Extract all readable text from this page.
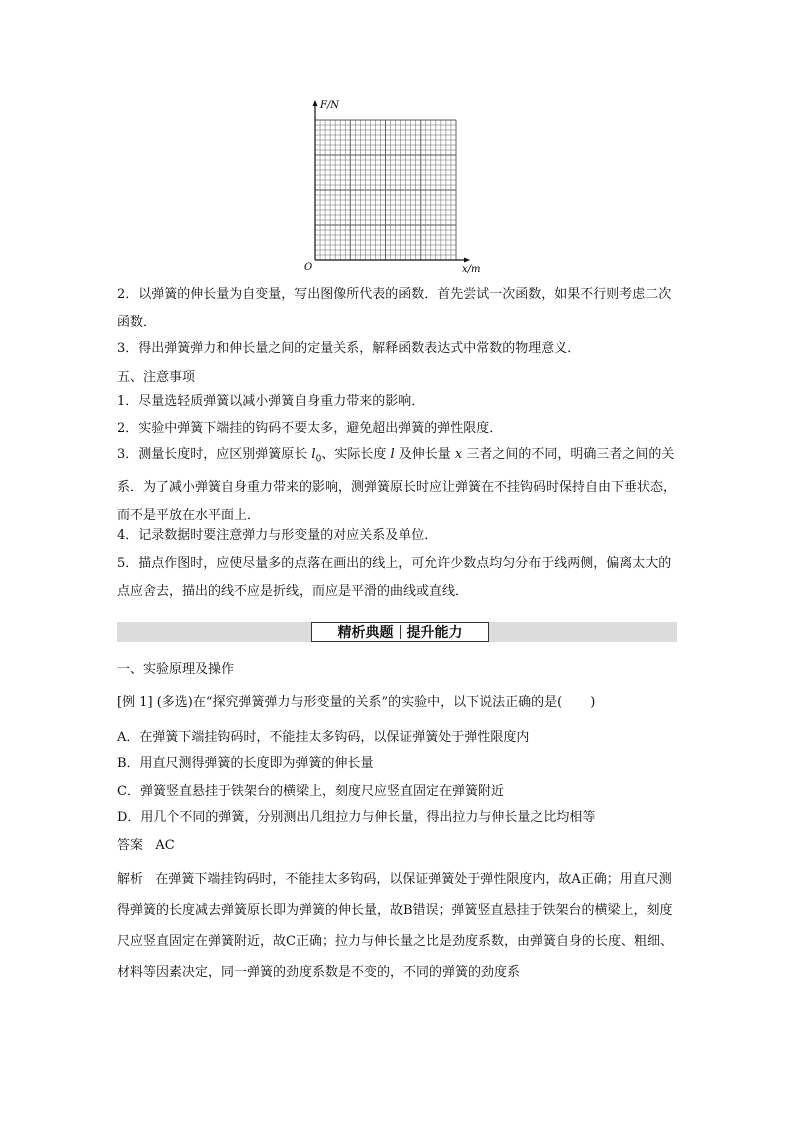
F/N
O	x/m
2．以弹簧的伸长量为自变量，写出图像所代表的函数．首先尝试一次函数，如果不行则考虑二次函数．
3．得出弹簧弹力和伸长量之间的定量关系，解释函数表达式中常数的物理意义．
五、注意事项
1．尽量选轻质弹簧以减小弹簧自身重力带来的影响．
2．实验中弹簧下端挂的钩码不要太多，避免超出弹簧的弹性限度．
3．测量长度时，应区别弹簧原长 $l_0$、实际长度 l 及伸长量 x 三者之间的不同，明确三者之间的关系．为了减小弹簧自身重力带来的影响，测弹簧原长时应让弹簧在不挂钩码时保持自由下垂状态，而不是平放在水平面上．
4．记录数据时要注意弹力与形变量的对应关系及单位．
5．描点作图时，应使尽量多的点落在画出的线上，可允许少数点均匀分布于线两侧，偏离太大的点应舍去，描出的线不应是折线，而应是平滑的曲线或直线．
精析典题 提升能力
一、实验原理及操作
[例 1] (多选)在“探究弹簧弹力与形变量的关系”的实验中，以下说法正确的是( )
A．在弹簧下端挂钩码时，不能挂太多钩码，以保证弹簧处于弹性限度内
B．用直尺测得弹簧的长度即为弹簧的伸长量
C．弹簧竖直悬挂于铁架台的横梁上，刻度尺应竖直固定在弹簧附近
D．用几个不同的弹簧，分别测出几组拉力与伸长量，得出拉力与伸长量之比均相等
答案 AC
解析 在弹簧下端挂钩码时，不能挂太多钩码，以保证弹簧处于弹性限度内，故A正确；用直尺测得弹簧的长度减去弹簧原长即为弹簧的伸长量，故B错误；弹簧竖直悬挂于铁架台的横梁上，刻度尺应竖直固定在弹簧附近，故C正确；拉力与伸长量之比是劲度系数，由弹簧自身的长度、粗细、材料等因素决定，同一弹簧的劲度系数是不变的，不同的弹簧的劲度系
